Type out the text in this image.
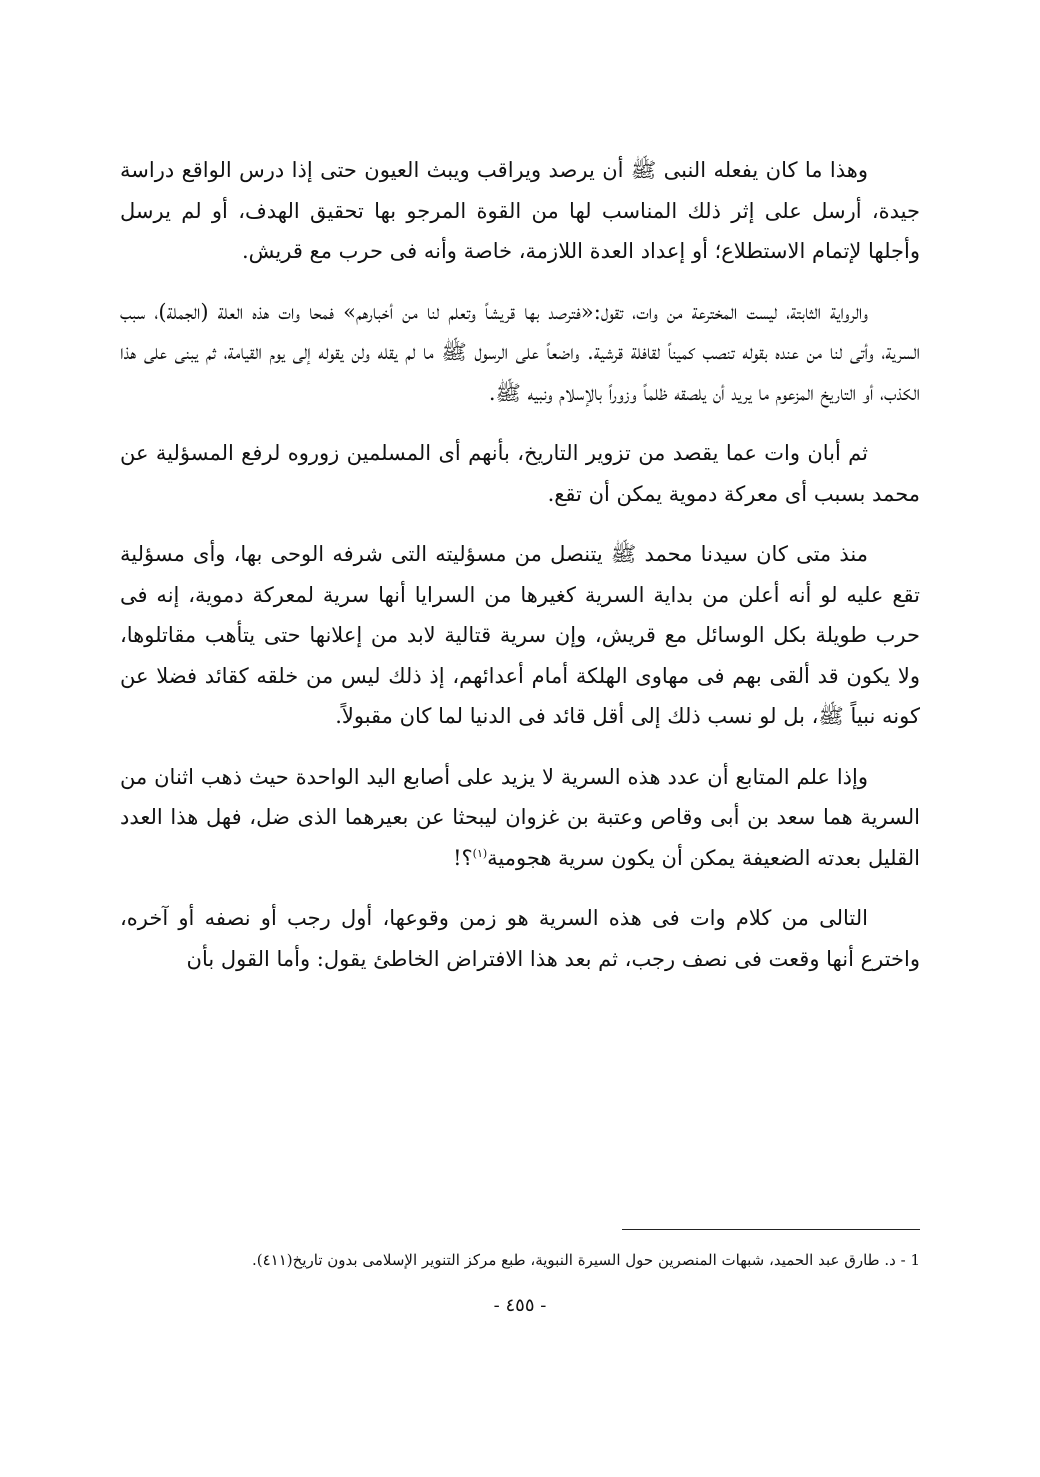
وهذا ما كان يفعله النبى ﷺ أن يرصد ويراقب ويبث العيون حتى إذا درس الواقع دراسة جيدة، أرسل على إثر ذلك المناسب لها من القوة المرجو بها تحقيق الهدف، أو لم يرسل وأجلها لإتمام الاستطلاع؛ أو إعداد العدة اللازمة، خاصة وأنه فى حرب مع قريش.

والرواية الثابتة، ليست المخترعة من وات، تقول:«فترصد بها قريشاً وتعلم لنا من أخبارهم» فمحا وات هذه العلة (الجملة)، سبب السرية، وأتى لنا من عنده بقوله تنصب كميناً لقافلة قرشية. واضعاً على الرسول ﷺ ما لم يقله ولن يقوله إلى يوم القيامة، ثم يبنى على هذا الكذب، أو التاريخ المزعوم ما يريد أن يلصقه ظلماً وزوراً بالإسلام ونبيه ﷺ.

ثم أبان وات عما يقصد من تزوير التاريخ، بأنهم أى المسلمين زوروه لرفع المسؤلية عن محمد بسبب أى معركة دموية يمكن أن تقع.

منذ متى كان سيدنا محمد ﷺ يتنصل من مسؤليته التى شرفه الوحى بها، وأى مسؤلية تقع عليه لو أنه أعلن من بداية السرية كغيرها من السرايا أنها سرية لمعركة دموية، إنه فى حرب طويلة بكل الوسائل مع قريش، وإن سرية قتالية لابد من إعلانها حتى يتأهب مقاتلوها، ولا يكون قد ألقى بهم فى مهاوى الهلكة أمام أعدائهم، إذ ذلك ليس من خلقه كقائد فضلا عن كونه نبياً ﷺ، بل لو نسب ذلك إلى أقل قائد فى الدنيا لما كان مقبولاً.

وإذا علم المتابع أن عدد هذه السرية لا يزيد على أصابع اليد الواحدة حيث ذهب اثنان من السرية هما سعد بن أبى وقاص وعتبة بن غزوان ليبحثا عن بعيرهما الذى ضل، فهل هذا العدد القليل بعدته الضعيفة يمكن أن يكون سرية هجومية$^{(١)}$؟!

التالى من كلام وات فى هذه السرية هو زمن وقوعها، أول رجب أو نصفه أو آخره، واخترع أنها وقعت فى نصف رجب، ثم بعد هذا الافتراض الخاطئ يقول: وأما القول بأن

1 - د. طارق عبد الحميد، شبهات المنصرين حول السيرة النبوية، طبع مركز التنوير الإسلامى بدون تاريخ(٤١١).
- ٤٥٥ -
